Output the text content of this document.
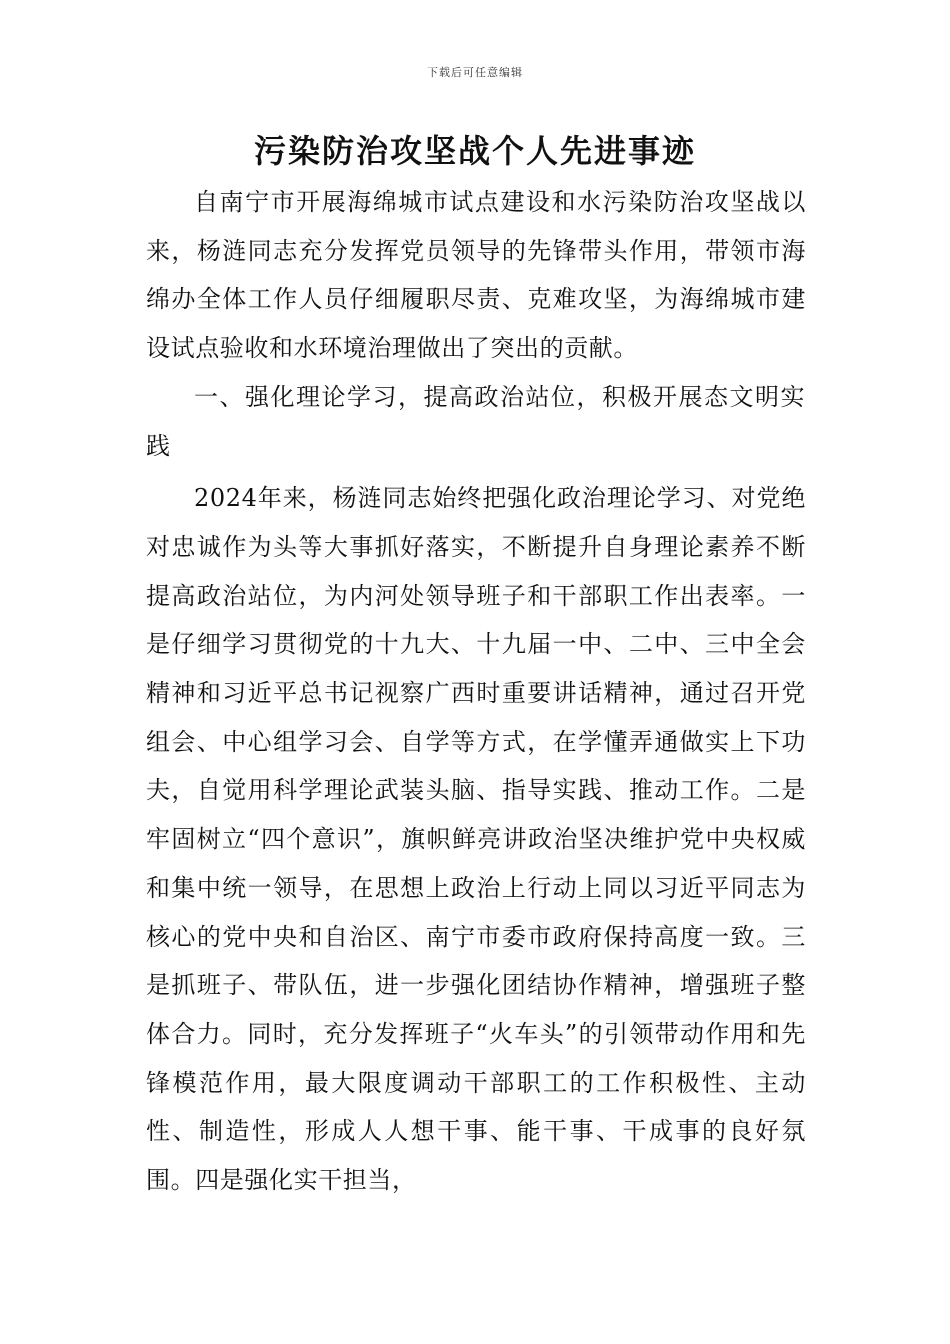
下载后可任意编辑
污染防治攻坚战个人先进事迹

自南宁市开展海绵城市试点建设和水污染防治攻坚战以来，杨涟同志充分发挥党员领导的先锋带头作用，带领市海绵办全体工作人员仔细履职尽责、克难攻坚，为海绵城市建设试点验收和水环境治理做出了突出的贡献。

一、强化理论学习，提高政治站位，积极开展态文明实践

2024年来，杨涟同志始终把强化政治理论学习、对党绝对忠诚作为头等大事抓好落实，不断提升自身理论素养不断提高政治站位，为内河处领导班子和干部职工作出表率。一是仔细学习贯彻党的十九大、十九届一中、二中、三中全会精神和习近平总书记视察广西时重要讲话精神，通过召开党组会、中心组学习会、自学等方式，在学懂弄通做实上下功夫，自觉用科学理论武装头脑、指导实践、推动工作。二是牢固树立“四个意识”，旗帜鲜亮讲政治坚决维护党中央权威和集中统一领导，在思想上政治上行动上同以习近平同志为核心的党中央和自治区、南宁市委市政府保持高度一致。三是抓班子、带队伍，进一步强化团结协作精神，增强班子整体合力。同时，充分发挥班子“火车头”的引领带动作用和先锋模范作用，最大限度调动干部职工的工作积极性、主动性、制造性，形成人人想干事、能干事、干成事的良好氛围。四是强化实干担当，
